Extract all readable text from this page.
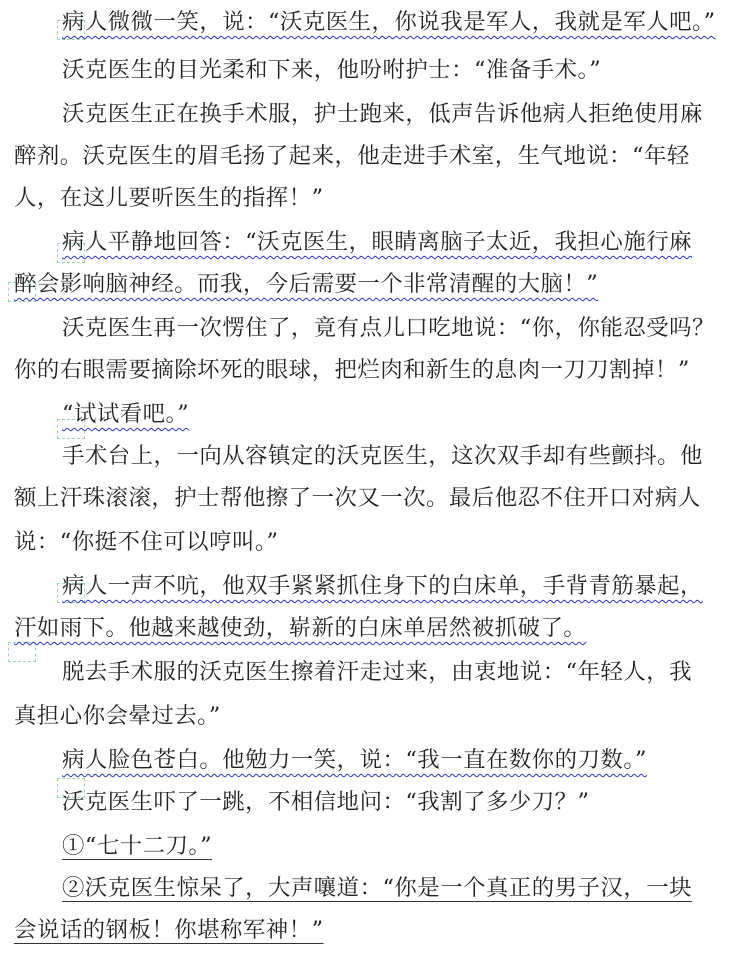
病人微微一笑，说：“沃克医生，你说我是军人，我就是军人吧。”

沃克医生的目光柔和下来，他吩咐护士：“准备手术。”

沃克医生正在换手术服，护士跑来，低声告诉他病人拒绝使用麻

醉剂。沃克医生的眉毛扬了起来，他走进手术室，生气地说：“年轻

人，在这儿要听医生的指挥！”

病人平静地回答：“沃克医生，眼睛离脑子太近，我担心施行麻

醉会影响脑神经。而我，今后需要一个非常清醒的大脑！”

沃克医生再一次愣住了，竟有点儿口吃地说：“你，你能忍受吗？

你的右眼需要摘除坏死的眼球，把烂肉和新生的息肉一刀刀割掉！”

“试试看吧。”

手术台上，一向从容镇定的沃克医生，这次双手却有些颤抖。他

额上汗珠滚滚，护士帮他擦了一次又一次。最后他忍不住开口对病人

说：“你挺不住可以哼叫。”

病人一声不吭，他双手紧紧抓住身下的白床单，手背青筋暴起，

汗如雨下。他越来越使劲，崭新的白床单居然被抓破了。

脱去手术服的沃克医生擦着汗走过来，由衷地说：“年轻人，我

真担心你会晕过去。”

病人脸色苍白。他勉力一笑，说：“我一直在数你的刀数。”

沃克医生吓了一跳，不相信地问：“我割了多少刀？”

①“七十二刀。”

②沃克医生惊呆了，大声嚷道：“你是一个真正的男子汉，一块

会说话的钢板！你堪称军神！”
